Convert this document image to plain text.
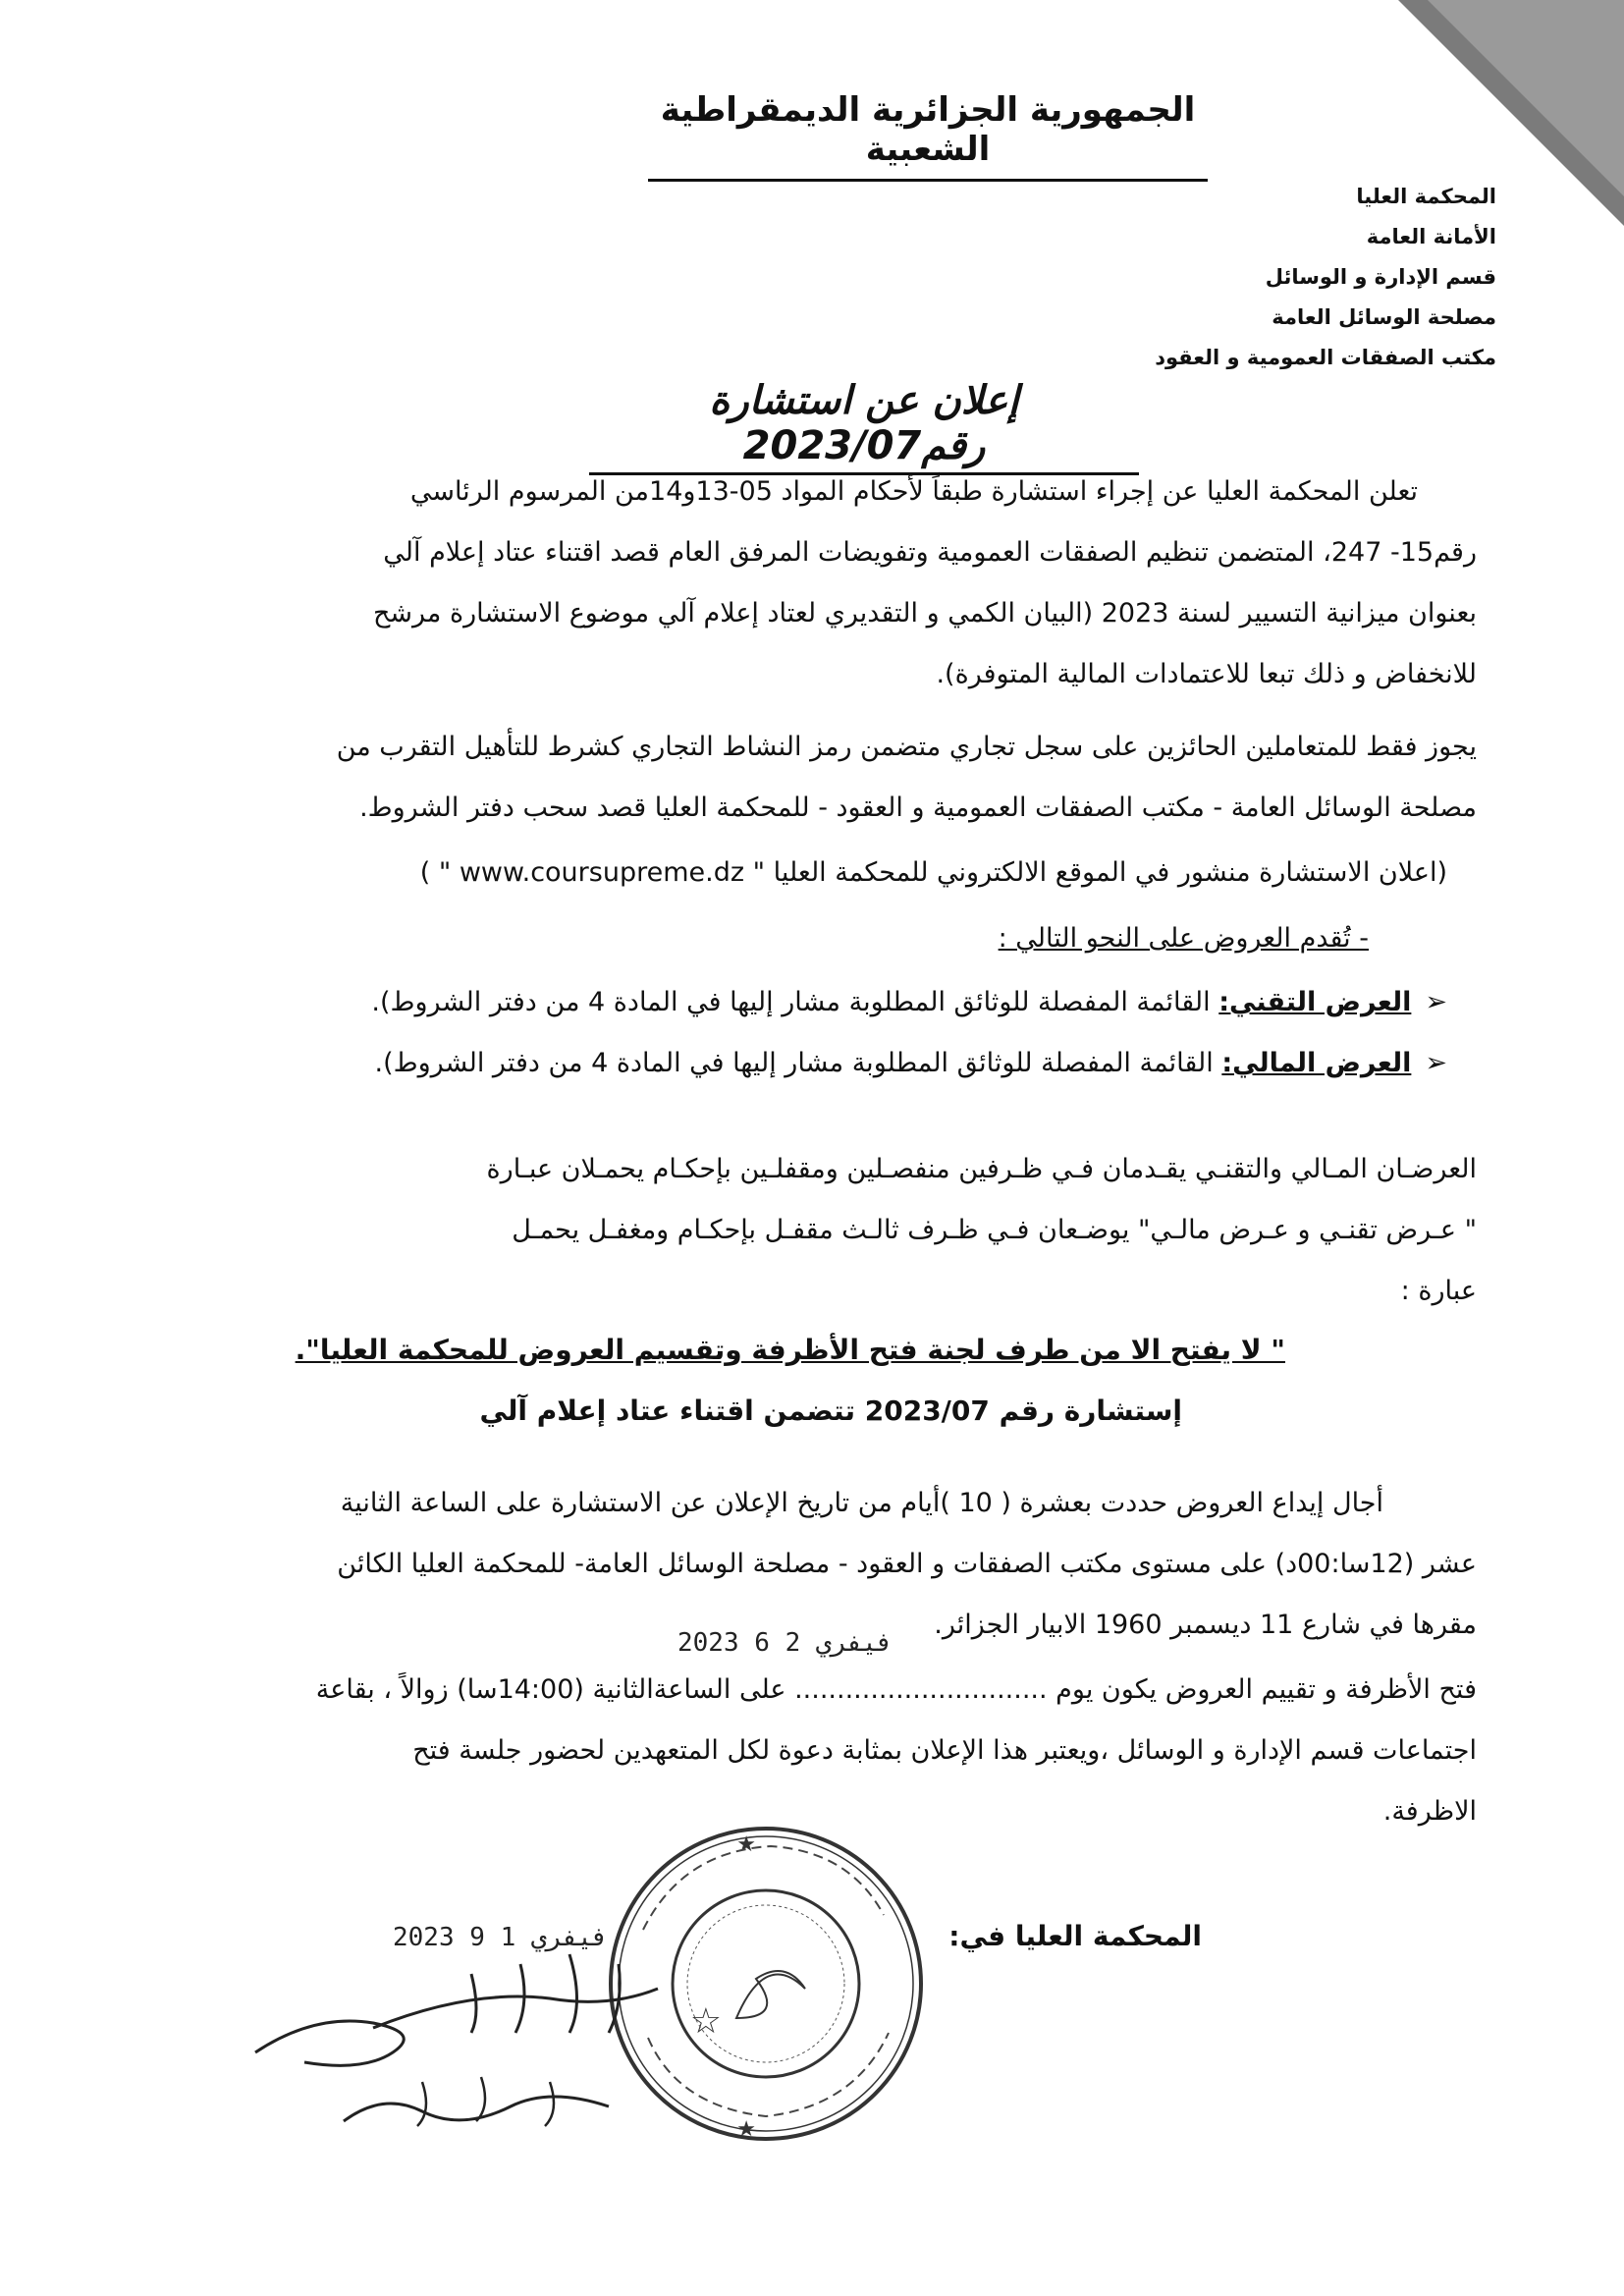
الجمهورية الجزائرية الديمقراطية الشعبية
المحكمة العليا
الأمانة العامة
قسم الإدارة و الوسائل
مصلحة الوسائل العامة
مكتب الصفقات العمومية و العقود
إعلان عن استشارة رقم2023/07
تعلن المحكمة العليا عن إجراء استشارة طبقاً لأحكام المواد 05-13و14من المرسوم الرئاسي
رقم15- 247، المتضمن تنظيم الصفقات العمومية وتفويضات المرفق العام قصد اقتناء عتاد إعلام آلي
بعنوان ميزانية التسيير لسنة 2023 (البيان الكمي و التقديري لعتاد إعلام آلي موضوع الاستشارة مرشح
للانخفاض و ذلك تبعا للاعتمادات المالية المتوفرة).
يجوز فقط للمتعاملين الحائزين على سجل تجاري متضمن رمز النشاط التجاري كشرط للتأهيل التقرب من
مصلحة الوسائل العامة - مكتب الصفقات العمومية و العقود - للمحكمة العليا قصد سحب دفتر الشروط.
(اعلان الاستشارة منشور في الموقع الالكتروني للمحكمة العليا " www.coursupreme.dz " )
- تُقدم العروض على النحو التالي :
➢العرض التقني: القائمة المفصلة للوثائق المطلوبة مشار إليها في المادة 4 من دفتر الشروط).
➢العرض المالي: القائمة المفصلة للوثائق المطلوبة مشار إليها في المادة 4 من دفتر الشروط).
العرضـان المـالي والتقنـي يقـدمان فـي ظـرفين منفصـلين ومقفلـين بإحكـام يحمـلان عبـارة
" عـرض تقنـي و عـرض مالـي" يوضـعان فـي ظـرف ثالـث مقفـل بإحكـام ومغفـل يحمـل
عبارة :
" لا يفتح الا من طرف لجنة فتح الأظرفة وتقسيم العروض للمحكمة العليا".
إستشارة رقم 2023/07 تتضمن اقتناء عتاد إعلام آلي
أجال إيداع العروض حددت بعشرة ( 10 )أيام من تاريخ الإعلان عن الاستشارة على الساعة الثانية
عشر (12سا:00د) على مستوى مكتب الصفقات و العقود - مصلحة الوسائل العامة- للمحكمة العليا الكائن
مقرها في شارع 11 ديسمبر 1960 الابيار الجزائر.
2023 فيفري 2 6
فتح الأظرفة و تقييم العروض يكون يوم .............................. على الساعةالثانية (14:00سا) زوالاً ، بقاعة
اجتماعات قسم الإدارة و الوسائل ،ويعتبر هذا الإعلان بمثابة دعوة لكل المتعهدين لحضور جلسة فتح
الاظرفة.
المحكمة العليا في:
2023 فيفري 1 9
☆
★
★
